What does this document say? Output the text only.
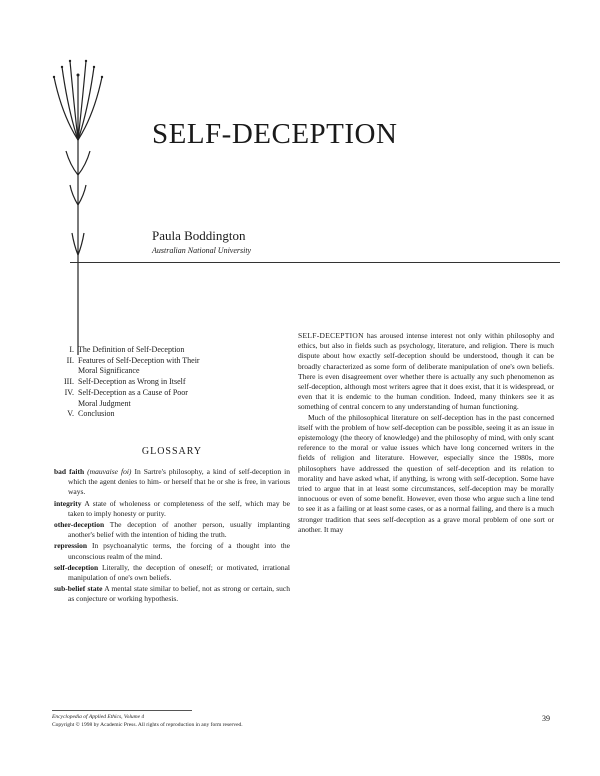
SELF-DECEPTION
Paula Boddington
Australian National University
I. The Definition of Self-Deception
II. Features of Self-Deception with Their
Moral Significance
III. Self-Deception as Wrong in Itself
IV. Self-Deception as a Cause of Poor
Moral Judgment
V. Conclusion
GLOSSARY

bad faith (mauvaise foi) In Sartre's philosophy, a kind of self-deception in which the agent denies to him- or herself that he or she is free, in various ways.

integrity A state of wholeness or completeness of the self, which may be taken to imply honesty or purity.

other-deception The deception of another person, usually implanting another's belief with the intention of hiding the truth.

repression In psychoanalytic terms, the forcing of a thought into the unconscious realm of the mind.

self-deception Literally, the deception of oneself; or motivated, irrational manipulation of one's own beliefs.

sub-belief state A mental state similar to belief, not as strong or certain, such as conjecture or working hypothesis.

SELF-DECEPTION has aroused intense interest not only within philosophy and ethics, but also in fields such as psychology, literature, and religion. There is much dispute about how exactly self-deception should be understood, though it can be broadly characterized as some form of deliberate manipulation of one's own beliefs. There is even disagreement over whether there is actually any such phenomenon as self-deception, although most writers agree that it does exist, that it is widespread, or even that it is endemic to the human condition. Indeed, many thinkers see it as something of central concern to any understanding of human functioning.

Much of the philosophical literature on self-deception has in the past concerned itself with the problem of how self-deception can be possible, seeing it as an issue in epistemology (the theory of knowledge) and the philosophy of mind, with only scant reference to the moral or value issues which have long concerned writers in the fields of religion and literature. However, especially since the 1980s, more philosophers have addressed the question of self-deception and its relation to morality and have asked what, if anything, is wrong with self-deception. Some have tried to argue that in at least some circumstances, self-deception may be morally innocuous or even of some benefit. However, even those who argue such a line tend to see it as a failing or at least some cases, or as a normal failing, and there is a much stronger tradition that sees self-deception as a grave moral problem of one sort or another. It may

Encyclopedia of Applied Ethics, Volume 4
Copyright © 1998 by Academic Press. All rights of reproduction in any form reserved.
39
